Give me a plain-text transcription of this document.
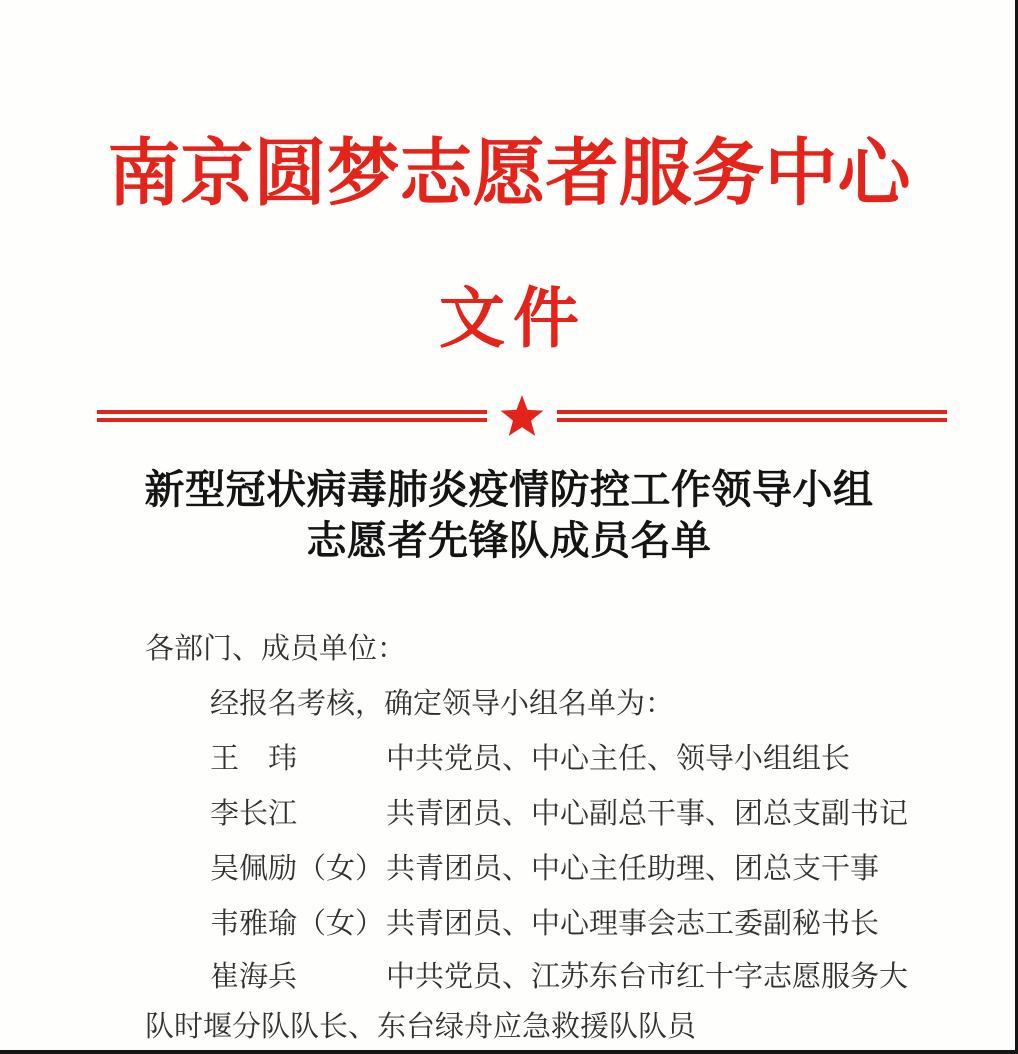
南京圆梦志愿者服务中心
文件
新型冠状病毒肺炎疫情防控工作领导小组
志愿者先锋队成员名单

各部门、成员单位：

经报名考核，确定领导小组名单为：

王　玮	中共党员、中心主任、领导小组组长
李长江	共青团员、中心副总干事、团总支副书记
吴佩励（女） 共青团员、中心主任助理、团总支干事
韦雅瑜（女） 共青团员、中心理事会志工委副秘书长

崔海兵	中共党员、江苏东台市红十字志愿服务大队时堰分队队长、东台绿舟应急救援队队员
